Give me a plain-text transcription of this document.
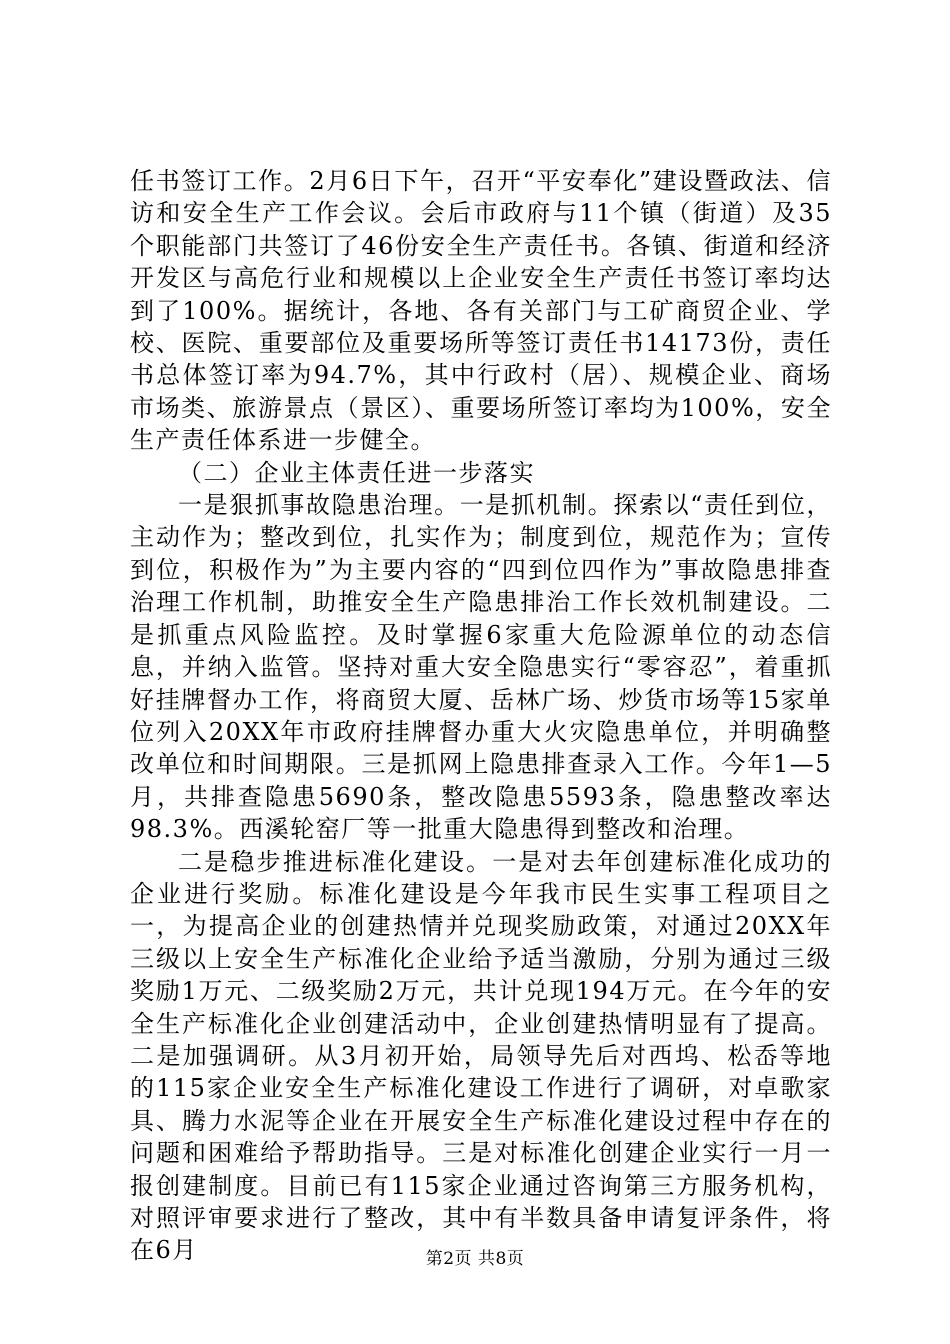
任书签订工作。2月6日下午，召开“平安奉化”建设暨政法、信访和安全生产工作会议。会后市政府与11个镇（街道）及35个职能部门共签订了46份安全生产责任书。各镇、街道和经济开发区与高危行业和规模以上企业安全生产责任书签订率均达到了100%。据统计，各地、各有关部门与工矿商贸企业、学校、医院、重要部位及重要场所等签订责任书14173份，责任书总体签订率为94.7%，其中行政村（居）、规模企业、商场市场类、旅游景点（景区）、重要场所签订率均为100%，安全生产责任体系进一步健全。

（二）企业主体责任进一步落实

一是狠抓事故隐患治理。一是抓机制。探索以“责任到位，主动作为；整改到位，扎实作为；制度到位，规范作为；宣传到位，积极作为”为主要内容的“四到位四作为”事故隐患排查治理工作机制，助推安全生产隐患排治工作长效机制建设。二是抓重点风险监控。及时掌握6家重大危险源单位的动态信息，并纳入监管。坚持对重大安全隐患实行“零容忍”，着重抓好挂牌督办工作，将商贸大厦、岳林广场、炒货市场等15家单位列入20XX年市政府挂牌督办重大火灾隐患单位，并明确整改单位和时间期限。三是抓网上隐患排查录入工作。今年1—5月，共排查隐患5690条，整改隐患5593条，隐患整改率达98.3%。西溪轮窑厂等一批重大隐患得到整改和治理。

二是稳步推进标准化建设。一是对去年创建标准化成功的企业进行奖励。标准化建设是今年我市民生实事工程项目之一，为提高企业的创建热情并兑现奖励政策，对通过20XX年三级以上安全生产标准化企业给予适当激励，分别为通过三级奖励1万元、二级奖励2万元，共计兑现194万元。在今年的安全生产标准化企业创建活动中，企业创建热情明显有了提高。二是加强调研。从3月初开始，局领导先后对西坞、松岙等地的115家企业安全生产标准化建设工作进行了调研，对卓歌家具、腾力水泥等企业在开展安全生产标准化建设过程中存在的问题和困难给予帮助指导。三是对标准化创建企业实行一月一报创建制度。目前已有115家企业通过咨询第三方服务机构，对照评审要求进行了整改，其中有半数具备申请复评条件，将在6月	第2页 共8页
